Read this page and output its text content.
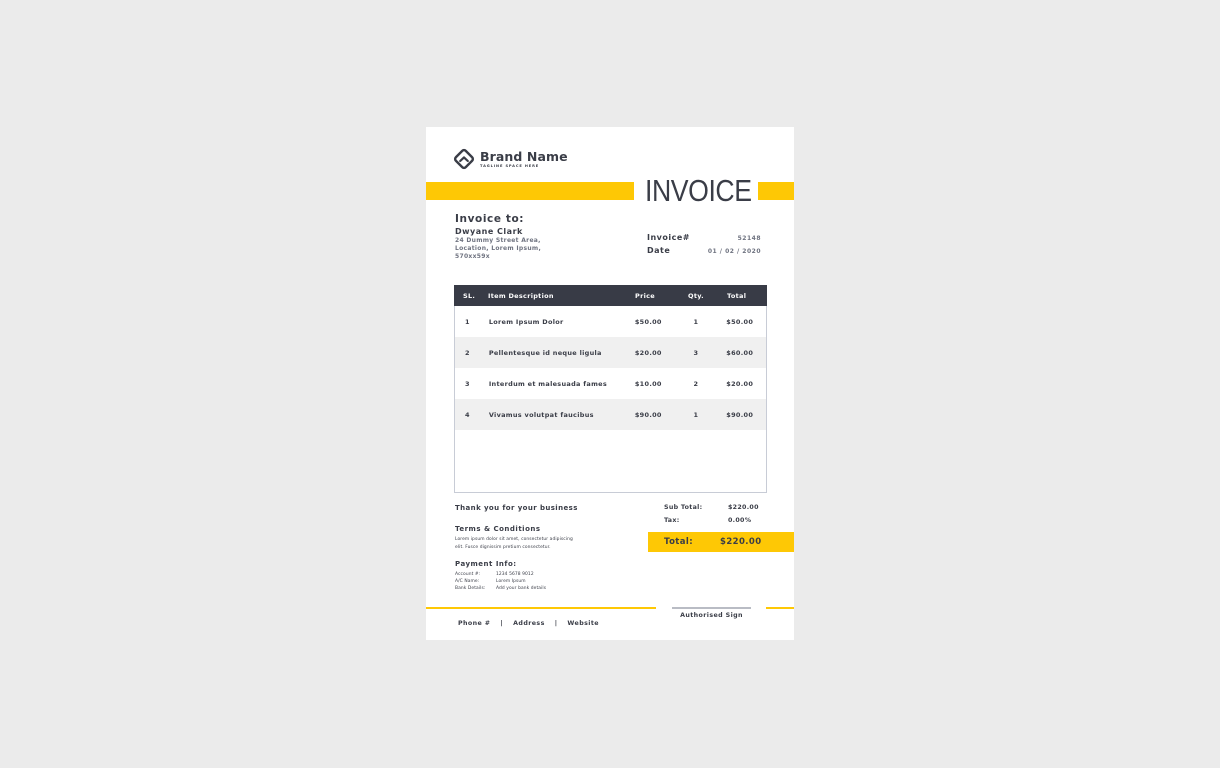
Brand Name
TAGLINE SPACE HERE
INVOICE
Invoice to:
Dwyane Clark
24 Dummy Street Area,
Location, Lorem Ipsum,
570xx59x
Invoice#	52148
Date	01 / 02 / 2020
SL.	Item Description	Price	Qty.	Total
1	Lorem Ipsum Dolor	$50.00	1	$50.00
2	Pellentesque id neque ligula	$20.00	3	$60.00
3	Interdum et malesuada fames	$10.00	2	$20.00
4	Vivamus volutpat faucibus	$90.00	1	$90.00
Thank you for your business
Terms & Conditions
Lorem ipsum dolor sit amet, consectetur adipiscing
elit. Fusce dignissim pretium consectetur.
Payment Info:
Account #:	1234 5678 9012
A/C Name:	Lorem Ipsum
Bank Details:	Add your bank details
Sub Total:	$220.00
Tax:	0.00%
Total:	$220.00
Authorised Sign
Phone # | Address | Website
